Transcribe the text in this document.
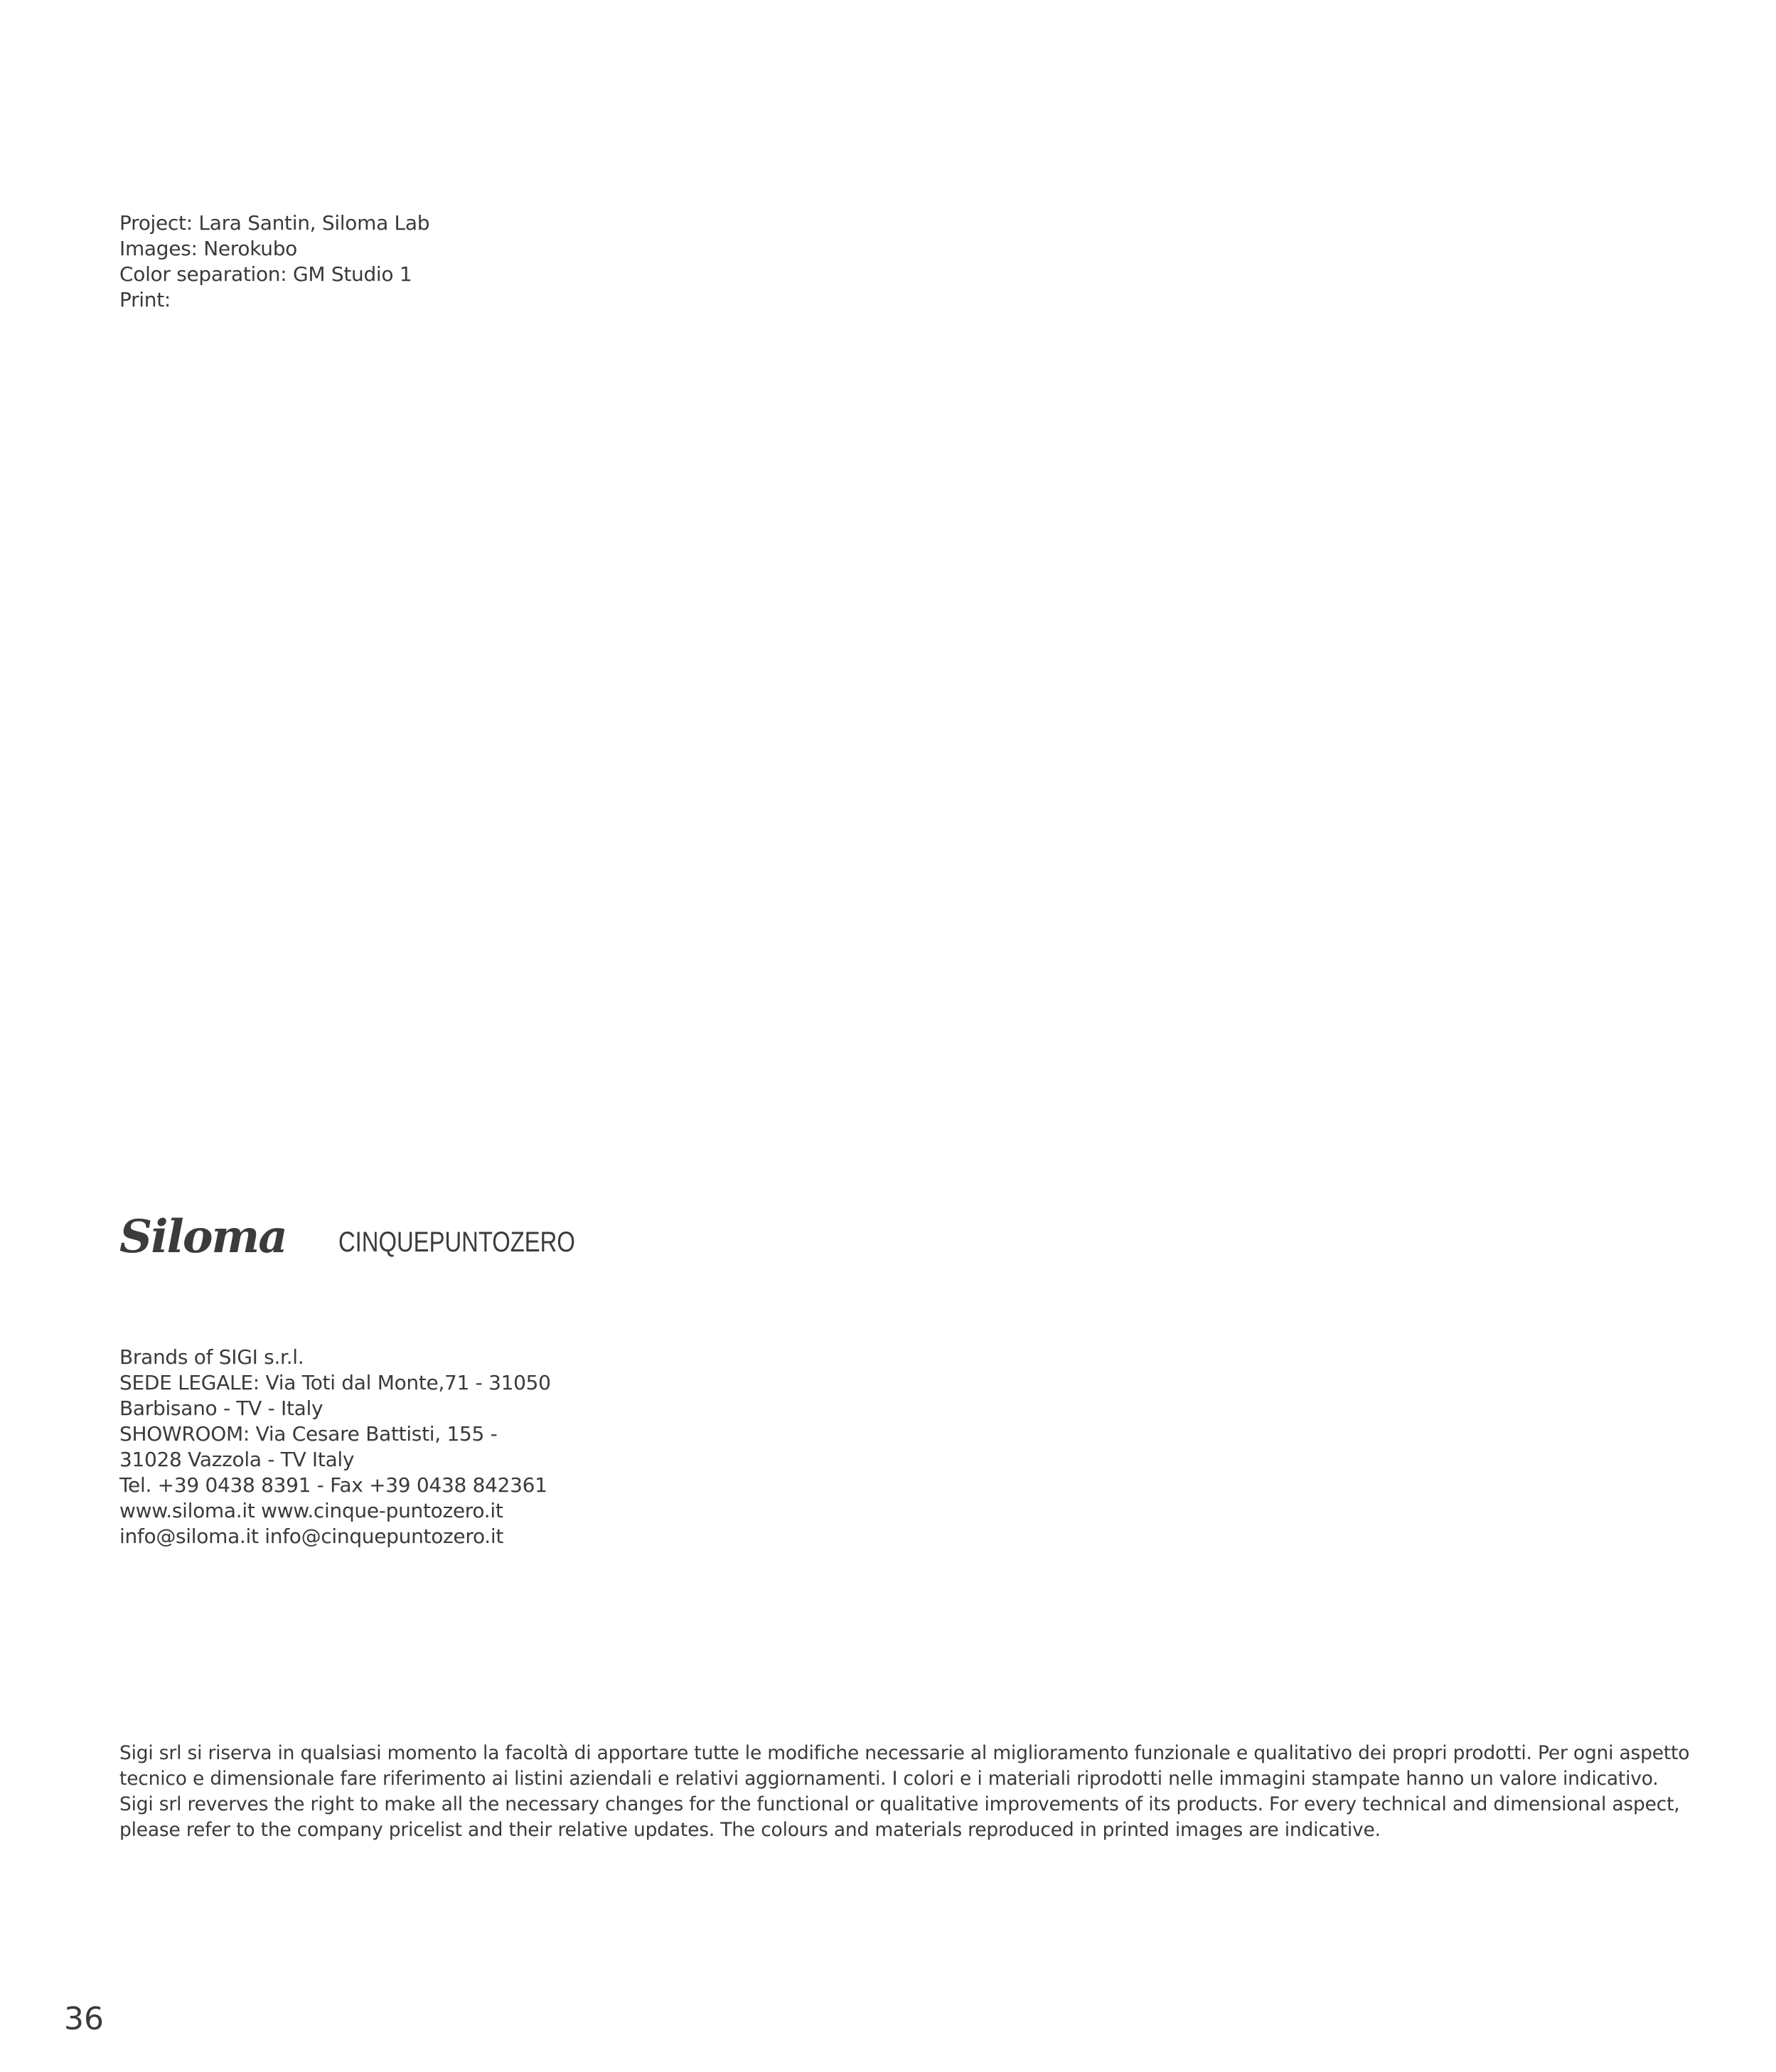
Project: Lara Santin, Siloma Lab
Images: Nerokubo
Color separation: GM Studio 1
Print:
Siloma CINQUEPUNTOZERO
Brands of SIGI s.r.l.
SEDE LEGALE: Via Toti dal Monte,71 - 31050
Barbisano - TV - Italy
SHOWROOM: Via Cesare Battisti, 155 -
31028 Vazzola - TV Italy
Tel. +39 0438 8391 - Fax +39 0438 842361
www.siloma.it www.cinque-puntozero.it
info@siloma.it info@cinquepuntozero.it
Sigi srl si riserva in qualsiasi momento la facoltà di apportare tutte le modifiche necessarie al miglioramento funzionale e qualitativo dei propri prodotti. Per ogni aspetto
tecnico e dimensionale fare riferimento ai listini aziendali e relativi aggiornamenti. I colori e i materiali riprodotti nelle immagini stampate hanno un valore indicativo.
Sigi srl reverves the right to make all the necessary changes for the functional or qualitative improvements of its products. For every technical and dimensional aspect,
please refer to the company pricelist and their relative updates. The colours and materials reproduced in printed images are indicative.
36
